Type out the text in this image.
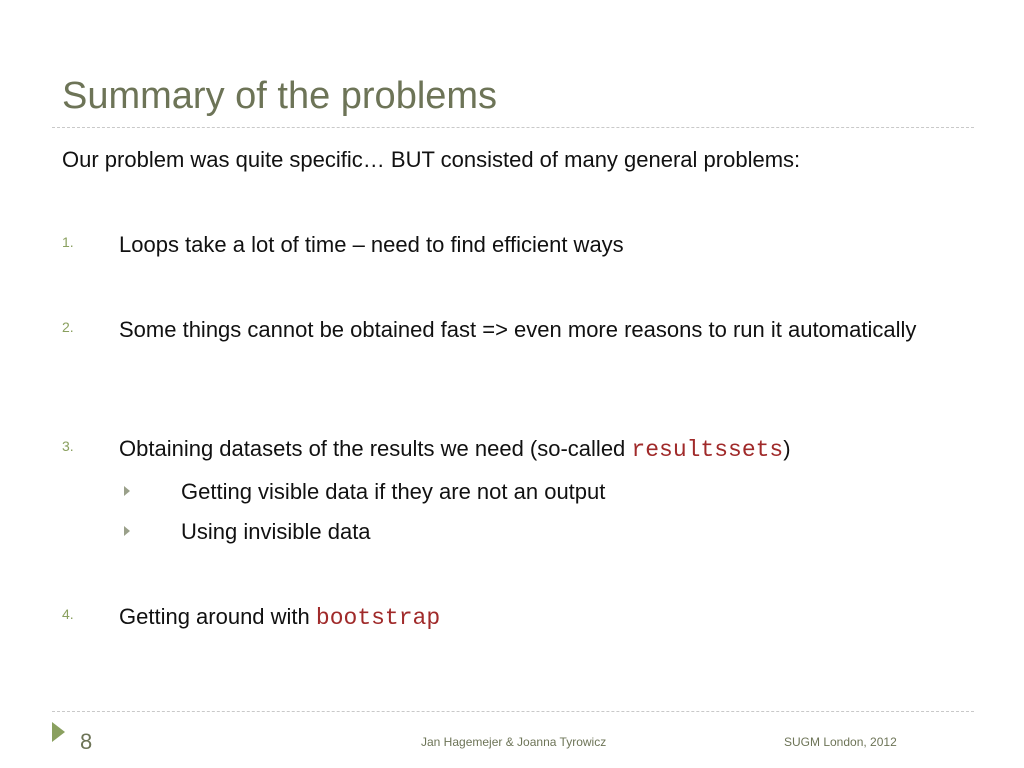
Summary of the problems
Our problem was quite specific… BUT consisted of many general problems:
1. Loops take a lot of time – need to find efficient ways
2. Some things cannot be obtained fast => even more reasons to run it automatically
3. Obtaining datasets of the results we need (so-called resultssets)
Getting visible data if they are not an output
Using invisible data
4. Getting around with bootstrap
8	Jan Hagemejer & Joanna Tyrowicz	SUGM London, 2012
